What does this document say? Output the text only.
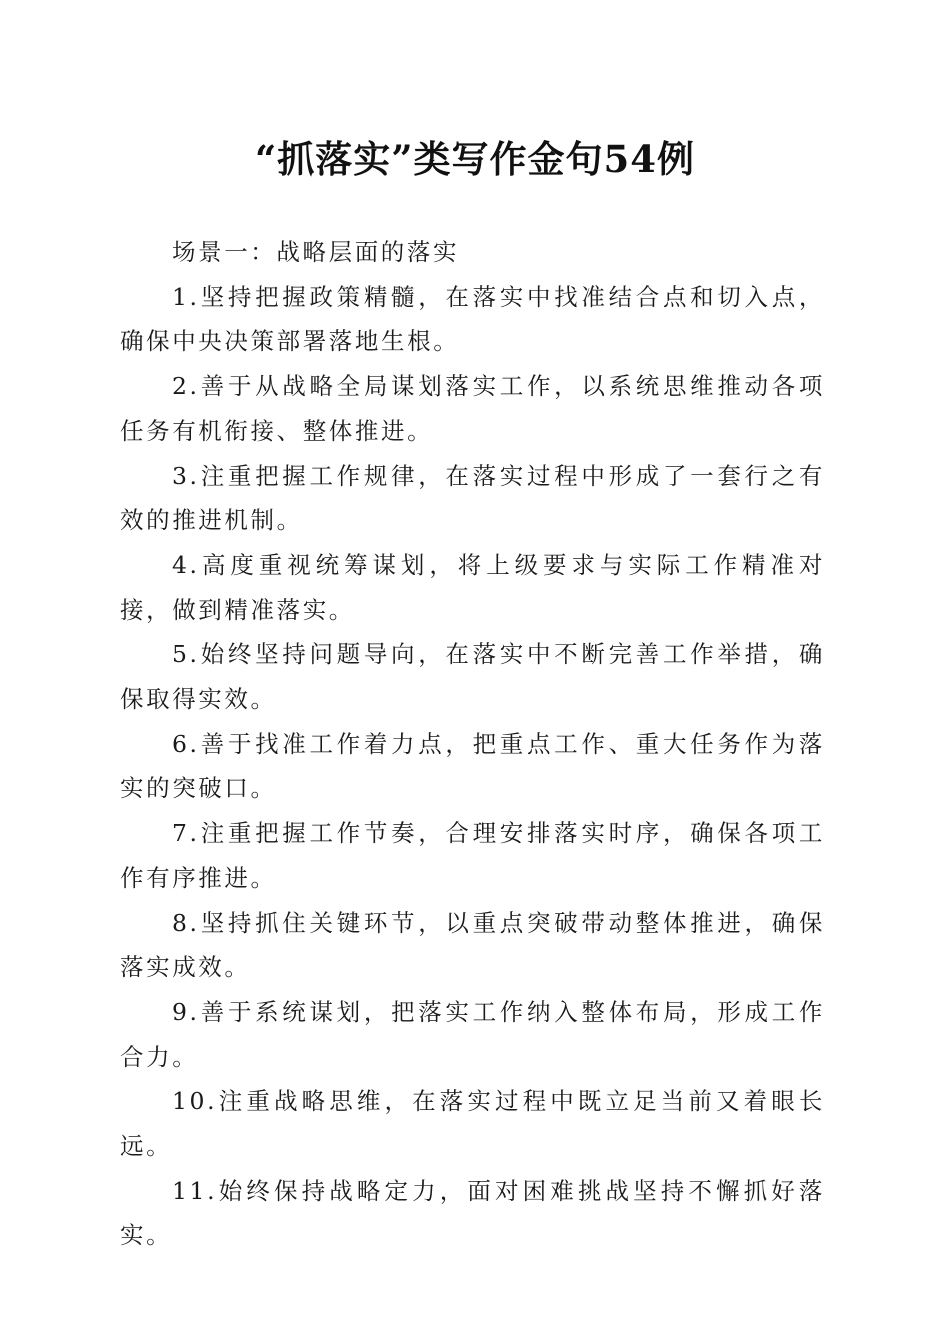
“抓落实”类写作金句54例

场景一：战略层面的落实

1.坚持把握政策精髓，在落实中找准结合点和切入点，确保中央决策部署落地生根。

2.善于从战略全局谋划落实工作，以系统思维推动各项任务有机衔接、整体推进。

3.注重把握工作规律，在落实过程中形成了一套行之有效的推进机制。

4.高度重视统筹谋划，将上级要求与实际工作精准对接，做到精准落实。

5.始终坚持问题导向，在落实中不断完善工作举措，确保取得实效。

6.善于找准工作着力点，把重点工作、重大任务作为落实的突破口。

7.注重把握工作节奏，合理安排落实时序，确保各项工作有序推进。

8.坚持抓住关键环节，以重点突破带动整体推进，确保落实成效。

9.善于系统谋划，把落实工作纳入整体布局，形成工作合力。

10.注重战略思维，在落实过程中既立足当前又着眼长远。

11.始终保持战略定力，面对困难挑战坚持不懈抓好落实。
